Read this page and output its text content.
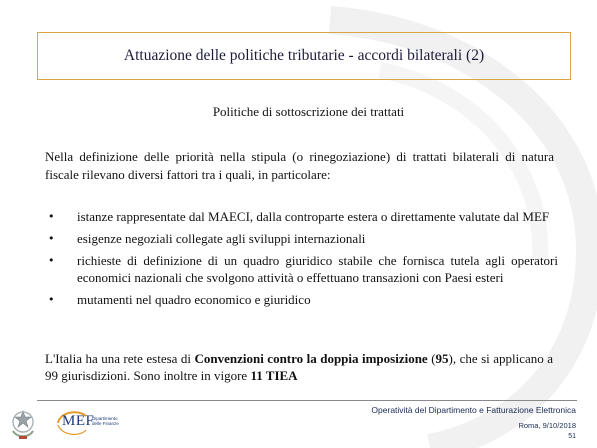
Attuazione delle politiche tributarie - accordi bilaterali (2)
Politiche di sottoscrizione dei trattati
Nella definizione delle priorità nella stipula (o rinegoziazione) di trattati bilaterali di natura fiscale rilevano diversi fattori tra i quali, in particolare:
• istanze rappresentate dal MAECI, dalla controparte estera o direttamente valutate dal MEF
• esigenze negoziali collegate agli sviluppi internazionali
• richieste di definizione di un quadro giuridico stabile che fornisca tutela agli operatori economici nazionali che svolgono attività o effettuano transazioni con Paesi esteri
• mutamenti nel quadro economico e giuridico
L'Italia ha una rete estesa di Convenzioni contro la doppia imposizione (95), che si applicano a 99 giurisdizioni. Sono inoltre in vigore 11 TIEA
MEF
Dipartimento delle Finanze
Operatività del Dipartimento e Fatturazione Elettronica
Roma, 9/10/2018
51
